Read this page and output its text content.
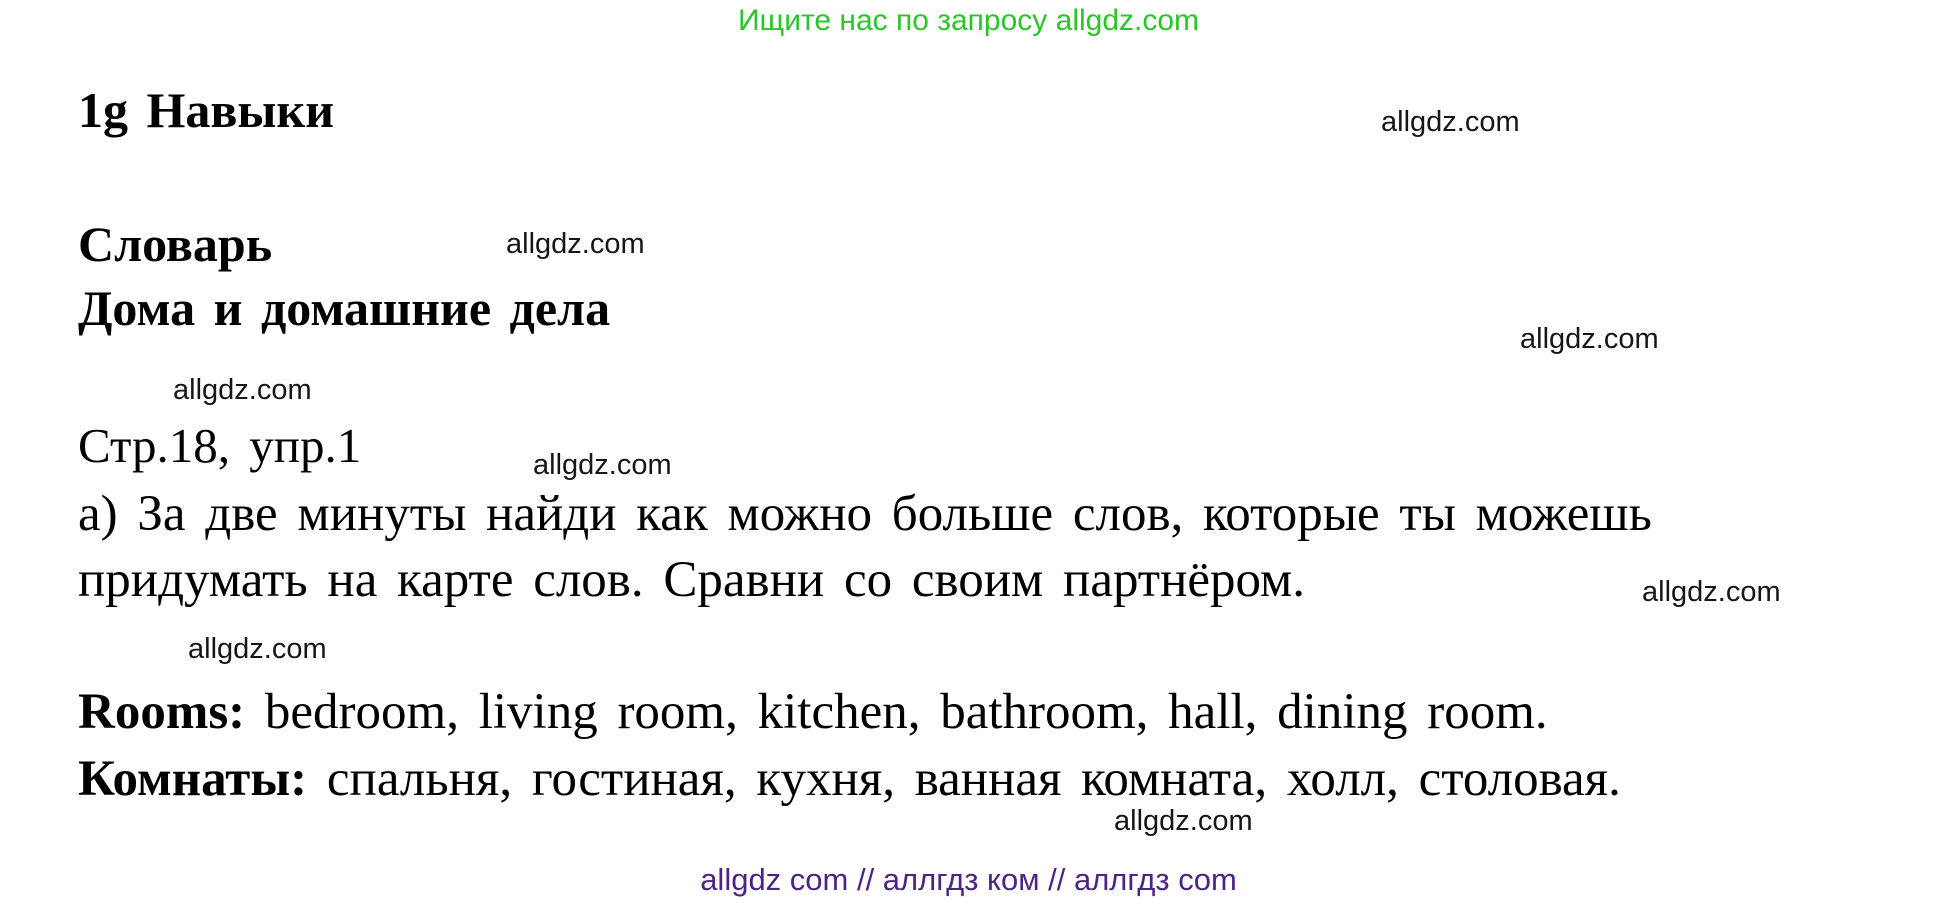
Ищите нас по запросу allgdz.com
1g Навыки	allgdz.com
Словарь	allgdz.com
Дома и домашние дела
allgdz.com
allgdz.com
Стр.18, упр.1	allgdz.com
а) За две минуты найди как можно больше слов, которые ты можешь
придумать на карте слов. Сравни со своим партнёром.	allgdz.com
allgdz.com
Rooms: bedroom, living room, kitchen, bathroom, hall, dining room.
Комнаты: спальня, гостиная, кухня, ванная комната, холл, столовая.
allgdz.com
allgdz com // аллгдз ком // аллгдз com
